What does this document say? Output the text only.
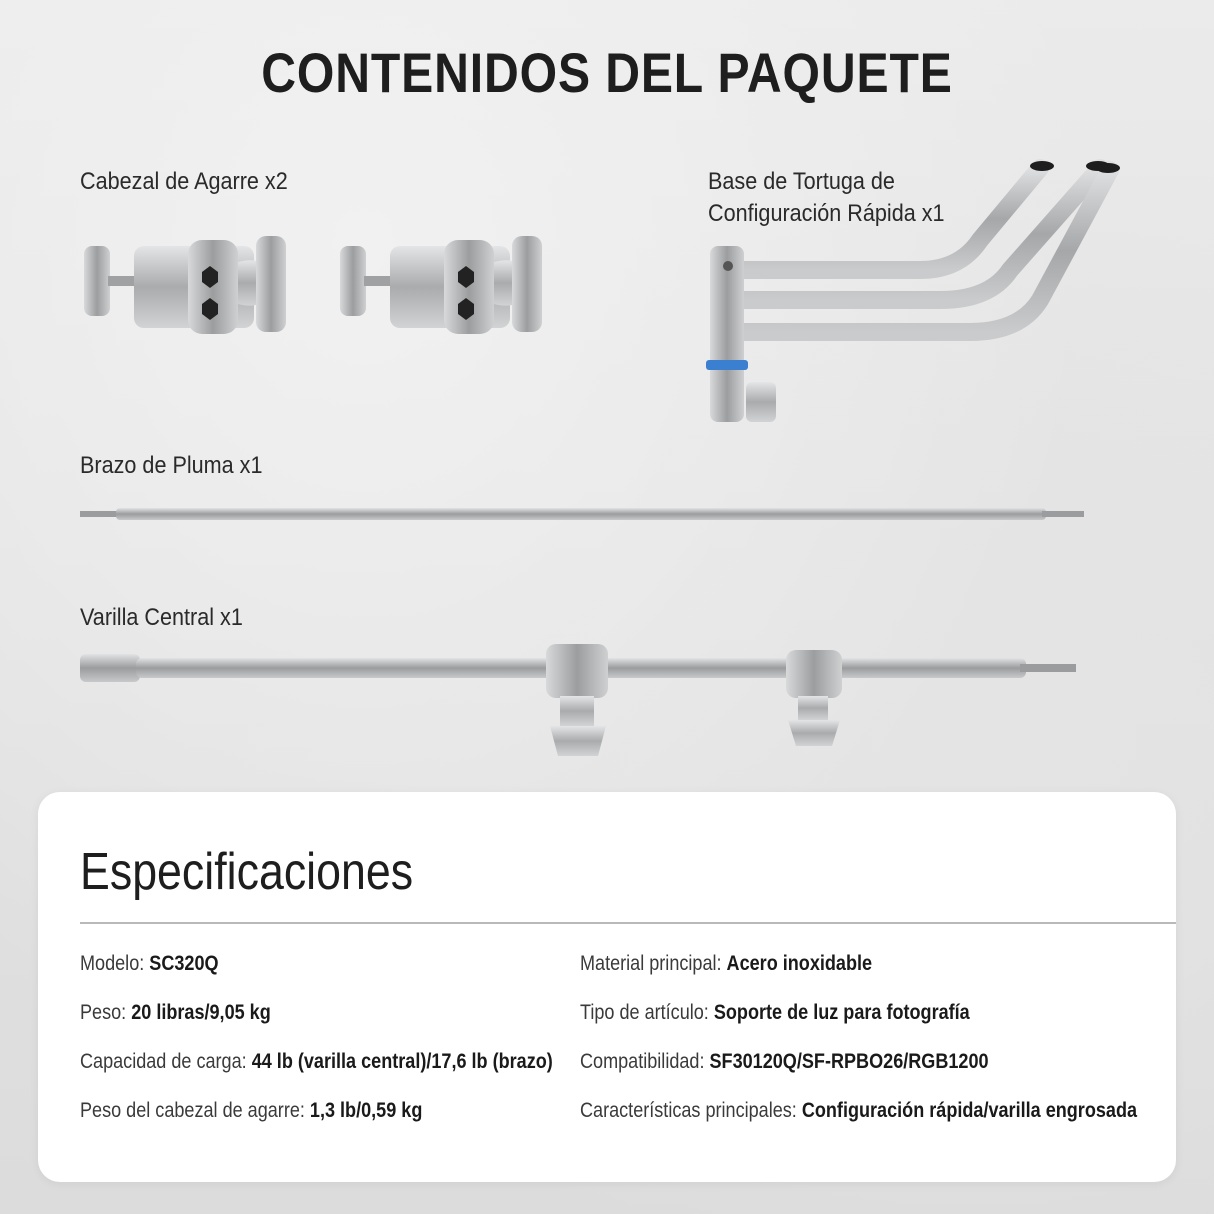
CONTENIDOS DEL PAQUETE
Cabezal de Agarre x2	Base de Tortuga de
Configuración Rápida x1
Brazo de Pluma x1
Varilla Central x1
Especificaciones
Modelo: SC320Q
Peso: 20 libras/9,05 kg
Capacidad de carga: 44 lb (varilla central)/17,6 lb (brazo)
Peso del cabezal de agarre: 1,3 lb/0,59 kg
Material principal: Acero inoxidable
Tipo de artículo: Soporte de luz para fotografía
Compatibilidad: SF30120Q/SF-RPBO26/RGB1200
Características principales: Configuración rápida/varilla engrosada
